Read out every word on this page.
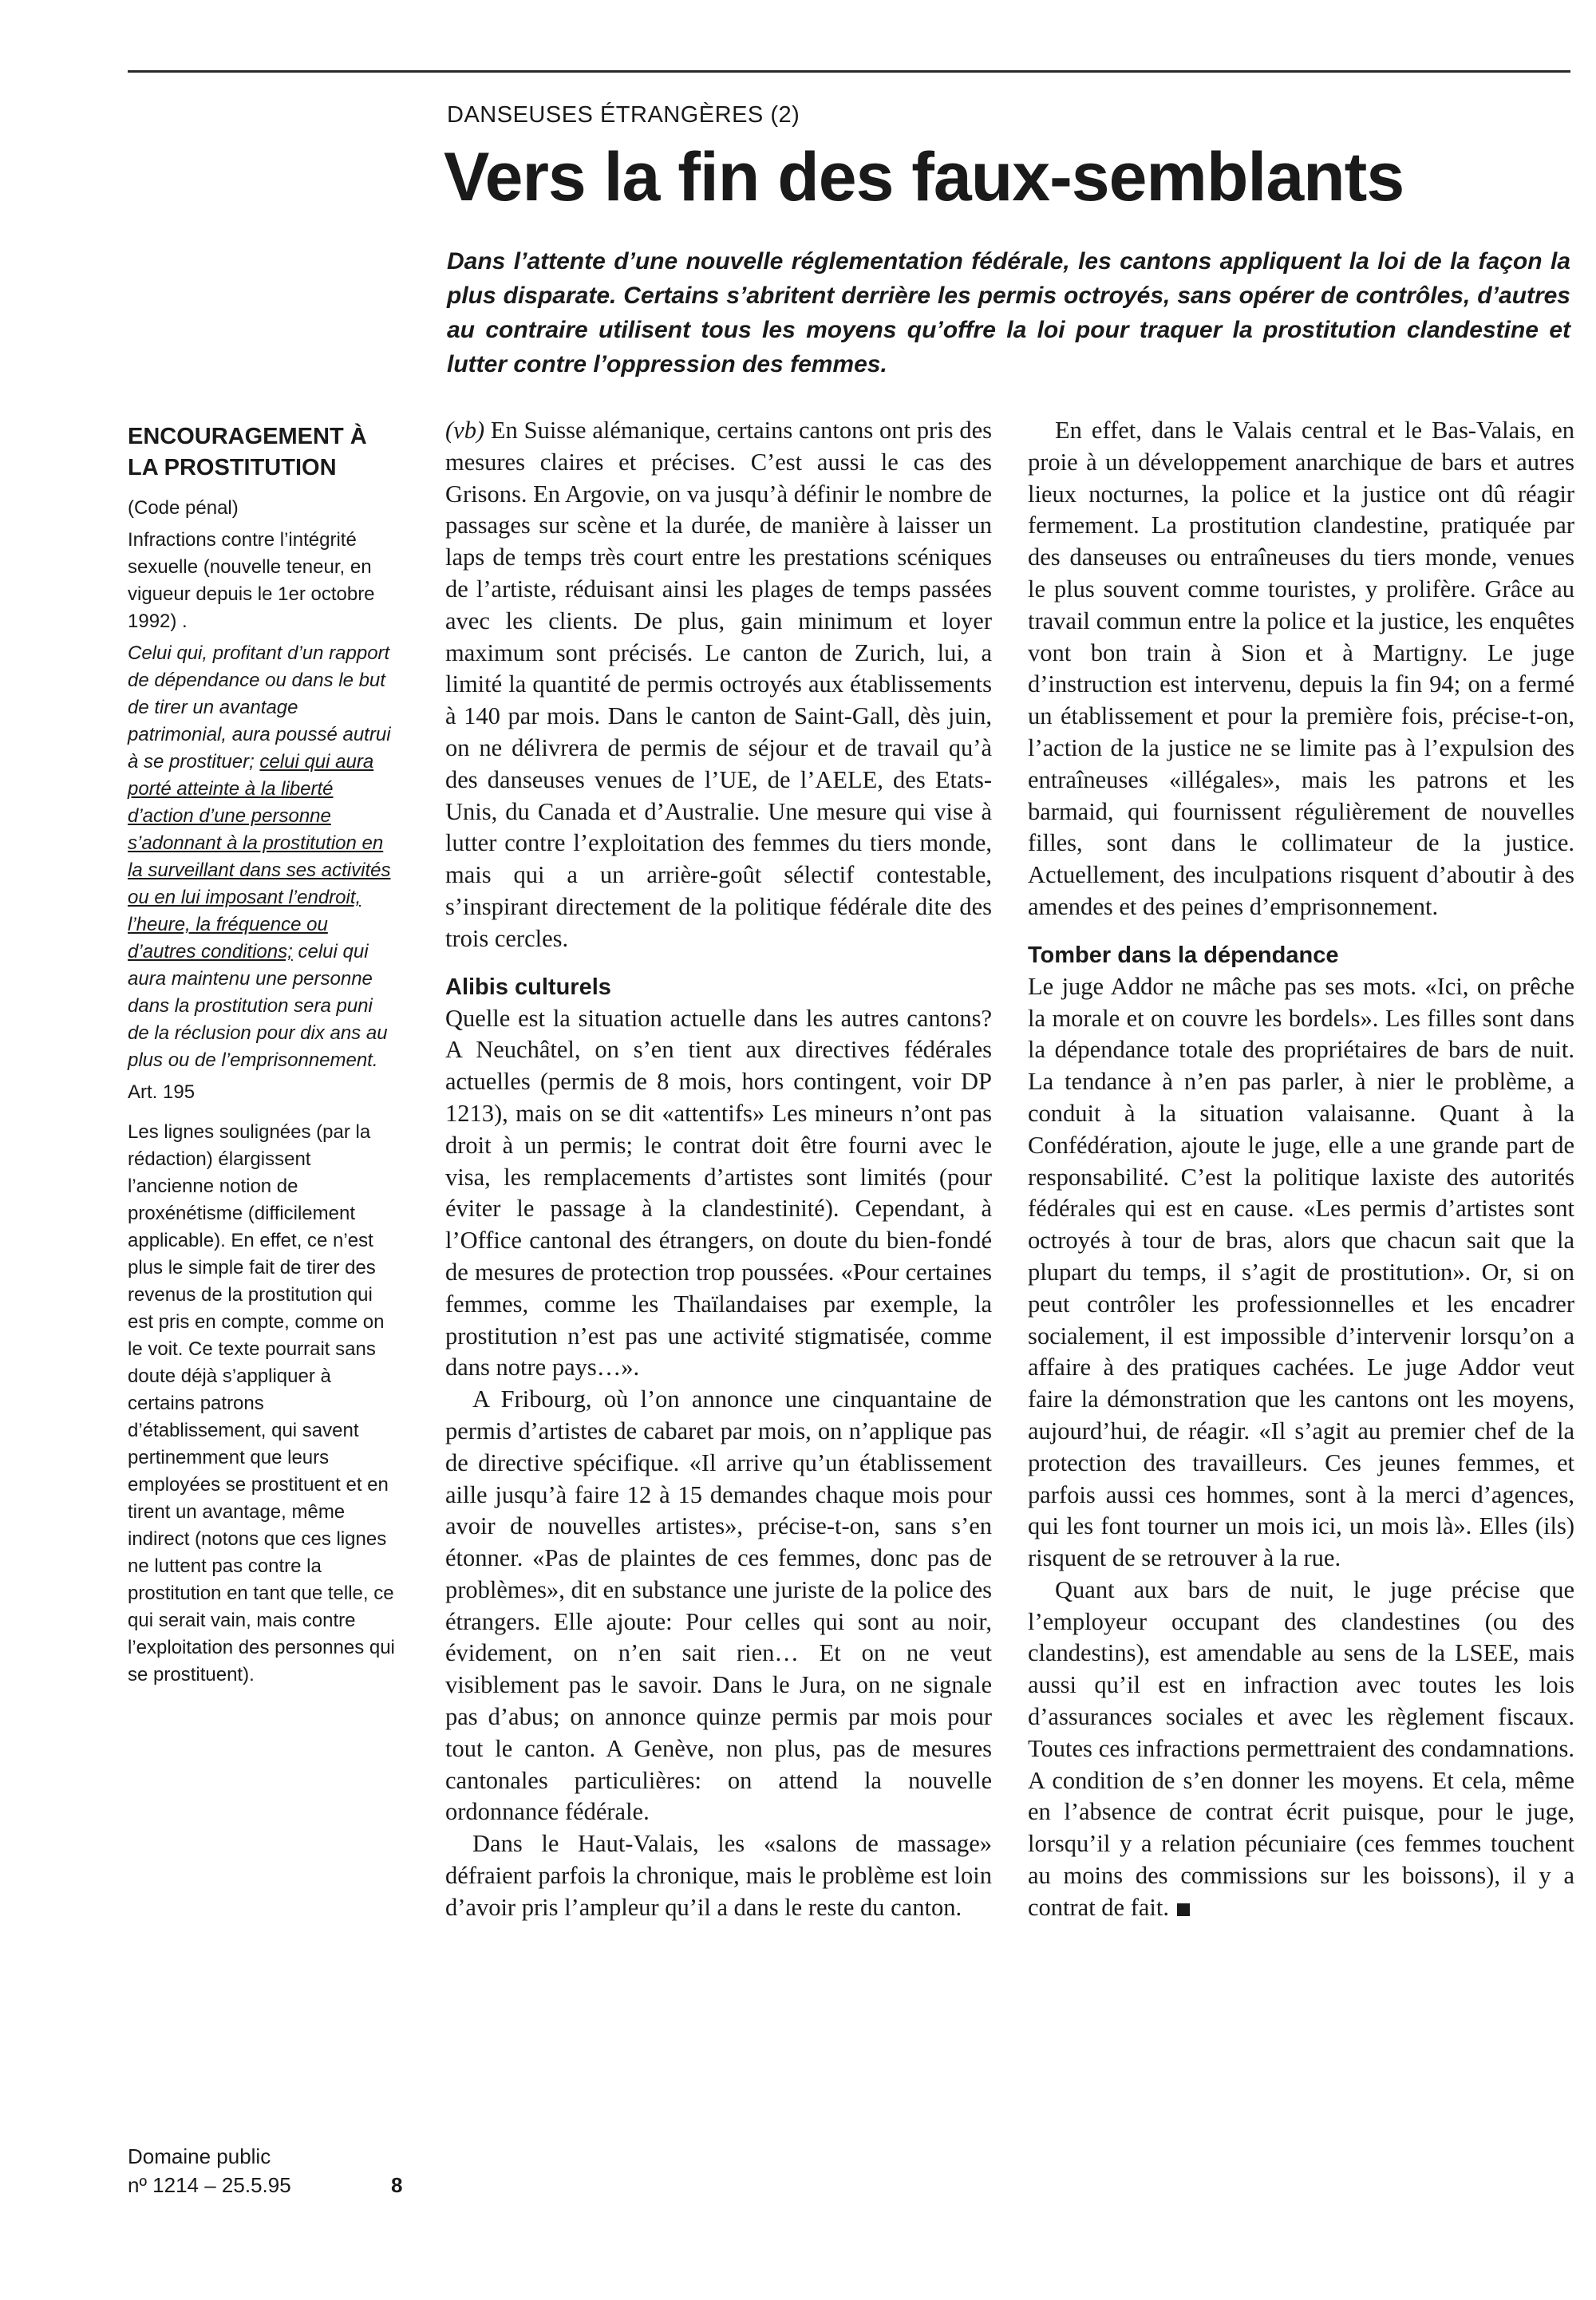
DANSEUSES ÉTRANGÈRES (2)
Vers la fin des faux-semblants

Dans l’attente d’une nouvelle réglementation fédérale, les cantons appliquent la loi de la façon la plus disparate. Certains s’abritent derrière les permis octroyés, sans opérer de contrôles, d’autres au contraire utilisent tous les moyens qu’offre la loi pour traquer la prostitution clandestine et lutter contre l’oppression des femmes.

ENCOURAGEMENT À LA PROSTITUTION

(Code pénal)

Infractions contre l’intégrité sexuelle (nouvelle teneur, en vigueur depuis le 1er octobre 1992) .

Celui qui, profitant d’un rapport de dépendance ou dans le but de tirer un avantage patrimonial, aura poussé autrui à se prostituer; celui qui aura porté atteinte à la liberté d’action d’une personne s’adonnant à la prostitution en la surveillant dans ses activités ou en lui imposant l’endroit, l’heure, la fréquence ou d’autres conditions; celui qui aura maintenu une personne dans la prostitution sera puni de la réclusion pour dix ans au plus ou de l’emprisonnement.

Art. 195

Les lignes soulignées (par la rédaction) élargissent l’ancienne notion de proxénétisme (difficilement applicable). En effet, ce n’est plus le simple fait de tirer des revenus de la prostitution qui est pris en compte, comme on le voit. Ce texte pourrait sans doute déjà s’appliquer à certains patrons d’établissement, qui savent pertinemment que leurs employées se prostituent et en tirent un avantage, même indirect (notons que ces lignes ne luttent pas contre la prostitution en tant que telle, ce qui serait vain, mais contre l’exploitation des personnes qui se prostituent).

(vb) En Suisse alémanique, certains cantons ont pris des mesures claires et précises. C’est aussi le cas des Grisons. En Argovie, on va jusqu’à définir le nombre de passages sur scène et la durée, de manière à laisser un laps de temps très court entre les prestations scéniques de l’artiste, réduisant ainsi les plages de temps passées avec les clients. De plus, gain minimum et loyer maximum sont précisés. Le canton de Zurich, lui, a limité la quantité de permis octroyés aux établissements à 140 par mois. Dans le canton de Saint-Gall, dès juin, on ne délivrera de permis de séjour et de travail qu’à des danseuses venues de l’UE, de l’AELE, des Etats-Unis, du Canada et d’Australie. Une mesure qui vise à lutter contre l’exploitation des femmes du tiers monde, mais qui a un arrière-goût sélectif contestable, s’inspirant directement de la politique fédérale dite des trois cercles.

Alibis culturels

Quelle est la situation actuelle dans les autres cantons? A Neuchâtel, on s’en tient aux directives fédérales actuelles (permis de 8 mois, hors contingent, voir DP 1213), mais on se dit «attentifs» Les mineurs n’ont pas droit à un permis; le contrat doit être fourni avec le visa, les remplacements d’artistes sont limités (pour éviter le passage à la clandestinité). Cependant, à l’Office cantonal des étrangers, on doute du bien-fondé de mesures de protection trop poussées. «Pour certaines femmes, comme les Thaïlandaises par exemple, la prostitution n’est pas une activité stigmatisée, comme dans notre pays…».

A Fribourg, où l’on annonce une cinquantaine de permis d’artistes de cabaret par mois, on n’applique pas de directive spécifique. «Il arrive qu’un établissement aille jusqu’à faire 12 à 15 demandes chaque mois pour avoir de nouvelles artistes», précise-t-on, sans s’en étonner. «Pas de plaintes de ces femmes, donc pas de problèmes», dit en substance une juriste de la police des étrangers. Elle ajoute: Pour celles qui sont au noir, évidement, on n’en sait rien… Et on ne veut visiblement pas le savoir. Dans le Jura, on ne signale pas d’abus; on annonce quinze permis par mois pour tout le canton. A Genève, non plus, pas de mesures cantonales particulières: on attend la nouvelle ordonnance fédérale.

Dans le Haut-Valais, les «salons de massage» défraient parfois la chronique, mais le problème est loin d’avoir pris l’ampleur qu’il a dans le reste du canton.

En effet, dans le Valais central et le Bas-Valais, en proie à un développement anarchique de bars et autres lieux nocturnes, la police et la justice ont dû réagir fermement. La prostitution clandestine, pratiquée par des danseuses ou entraîneuses du tiers monde, venues le plus souvent comme touristes, y prolifère. Grâce au travail commun entre la police et la justice, les enquêtes vont bon train à Sion et à Martigny. Le juge d’instruction est intervenu, depuis la fin 94; on a fermé un établissement et pour la première fois, précise-t-on, l’action de la justice ne se limite pas à l’expulsion des entraîneuses «illégales», mais les patrons et les barmaid, qui fournissent régulièrement de nouvelles filles, sont dans le collimateur de la justice. Actuellement, des inculpations risquent d’aboutir à des amendes et des peines d’emprisonnement.

Tomber dans la dépendance

Le juge Addor ne mâche pas ses mots. «Ici, on prêche la morale et on couvre les bordels». Les filles sont dans la dépendance totale des propriétaires de bars de nuit. La tendance à n’en pas parler, à nier le problème, a conduit à la situation valaisanne. Quant à la Confédération, ajoute le juge, elle a une grande part de responsabilité. C’est la politique laxiste des autorités fédérales qui est en cause. «Les permis d’artistes sont octroyés à tour de bras, alors que chacun sait que la plupart du temps, il s’agit de prostitution». Or, si on peut contrôler les professionnelles et les encadrer socialement, il est impossible d’intervenir lorsqu’on a affaire à des pratiques cachées. Le juge Addor veut faire la démonstration que les cantons ont les moyens, aujourd’hui, de réagir. «Il s’agit au premier chef de la protection des travailleurs. Ces jeunes femmes, et parfois aussi ces hommes, sont à la merci d’agences, qui les font tourner un mois ici, un mois là». Elles (ils) risquent de se retrouver à la rue.

Quant aux bars de nuit, le juge précise que l’employeur occupant des clandestines (ou des clandestins), est amendable au sens de la LSEE, mais aussi qu’il est en infraction avec toutes les lois d’assurances sociales et avec les règlement fiscaux. Toutes ces infractions permettraient des condamnations. A condition de s’en donner les moyens. Et cela, même en l’absence de contrat écrit puisque, pour le juge, lorsqu’il y a relation pécuniaire (ces femmes touchent au moins des commissions sur les boissons), il y a contrat de fait.

Domaine public
nº 1214 – 25.5.95	8
